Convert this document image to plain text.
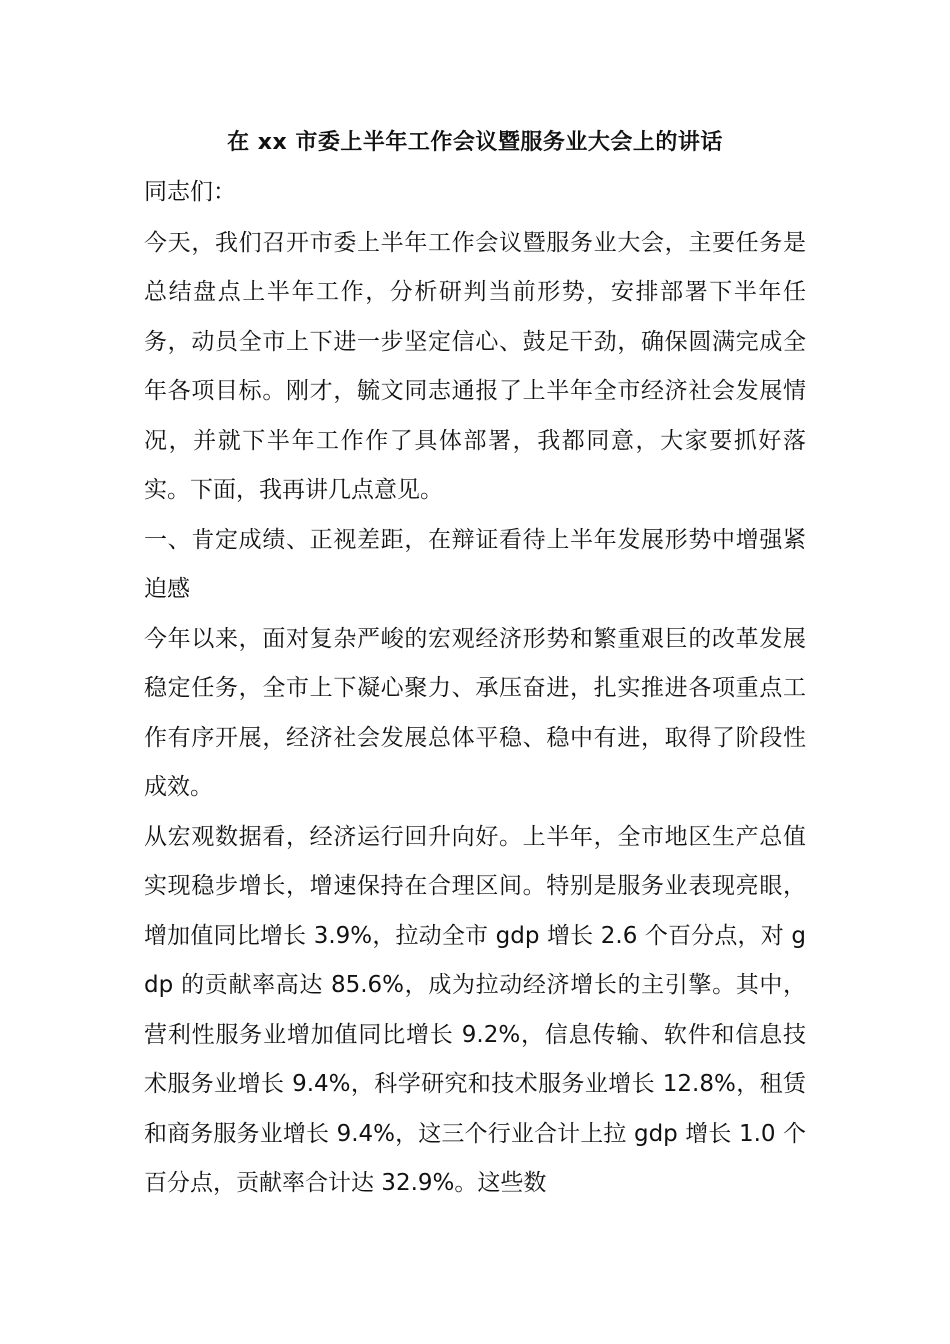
在 xx 市委上半年工作会议暨服务业大会上的讲话

同志们：

今天，我们召开市委上半年工作会议暨服务业大会，主要任务是总结盘点上半年工作，分析研判当前形势，安排部署下半年任务，动员全市上下进一步坚定信心、鼓足干劲，确保圆满完成全年各项目标。刚才，毓文同志通报了上半年全市经济社会发展情况，并就下半年工作作了具体部署，我都同意，大家要抓好落实。下面，我再讲几点意见。

一、肯定成绩、正视差距，在辩证看待上半年发展形势中增强紧迫感

今年以来，面对复杂严峻的宏观经济形势和繁重艰巨的改革发展稳定任务，全市上下凝心聚力、承压奋进，扎实推进各项重点工作有序开展，经济社会发展总体平稳、稳中有进，取得了阶段性成效。

从宏观数据看，经济运行回升向好。上半年，全市地区生产总值实现稳步增长，增速保持在合理区间。特别是服务业表现亮眼，增加值同比增长 3.9%，拉动全市 gdp 增长 2.6 个百分点，对 gdp 的贡献率高达 85.6%，成为拉动经济增长的主引擎。其中，营利性服务业增加值同比增长 9.2%，信息传输、软件和信息技术服务业增长 9.4%，科学研究和技术服务业增长 12.8%，租赁和商务服务业增长 9.4%，这三个行业合计上拉 gdp 增长 1.0 个百分点，贡献率合计达 32.9%。这些数
